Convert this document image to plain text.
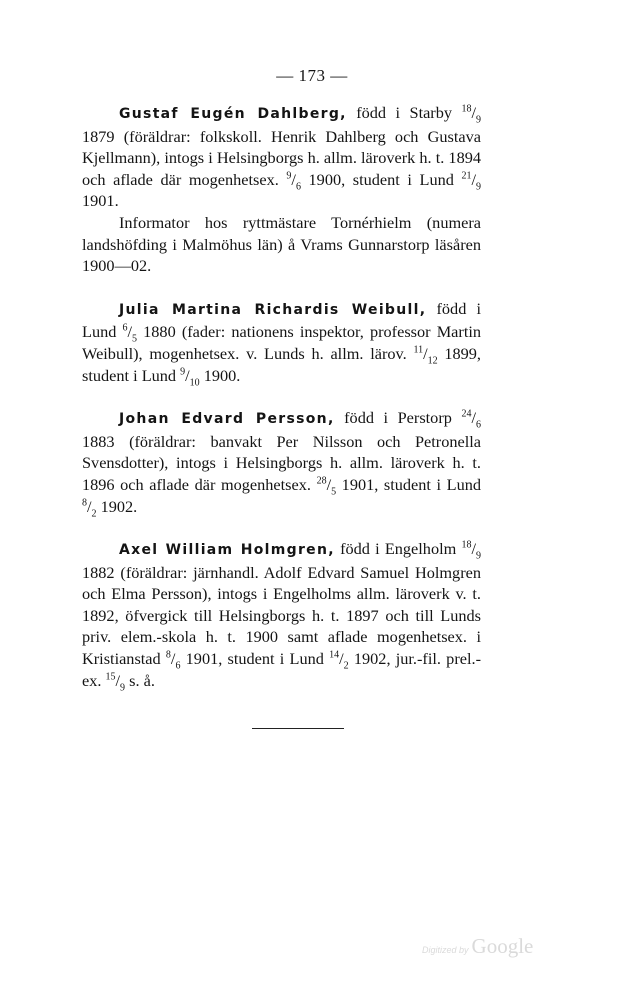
— 173 —

Gustaf Eugén Dahlberg, född i Starby $^{18}/_9$ 1879 (föräldrar: folkskoll. Henrik Dahlberg och Gustava Kjellmann), intogs i Helsingborgs h. allm. läroverk h. t. 1894 och aflade där mogenhetsex. $^9/_6$ 1900, student i Lund $^{21}/_9$ 1901.

Informator hos ryttmästare Tornérhielm (numera landshöfding i Malmöhus län) å Vrams Gunnarstorp läsåren 1900—02.

Julia Martina Richardis Weibull, född i Lund $^6/_5$ 1880 (fader: nationens inspektor, professor Martin Weibull), mogenhetsex. v. Lunds h. allm. lärov. $^{11}/_{12}$ 1899, student i Lund $^9/_{10}$ 1900.

Johan Edvard Persson, född i Perstorp $^{24}/_6$ 1883 (föräldrar: banvakt Per Nilsson och Petronella Svensdotter), intogs i Helsingborgs h. allm. läroverk h. t. 1896 och aflade där mogenhetsex. $^{28}/_5$ 1901, student i Lund $^8/_2$ 1902.

Axel William Holmgren, född i Engelholm $^{18}/_9$ 1882 (föräldrar: järnhandl. Adolf Edvard Samuel Holmgren och Elma Persson), intogs i Engelholms allm. läroverk v. t. 1892, öfvergick till Helsingborgs h. t. 1897 och till Lunds priv. elem.-skola h. t. 1900 samt aflade mogenhetsex. i Kristianstad $^8/_6$ 1901, student i Lund $^{14}/_2$ 1902, jur.-fil. prel.-ex. $^{15}/_9$ s. å.

Digitized by Google
